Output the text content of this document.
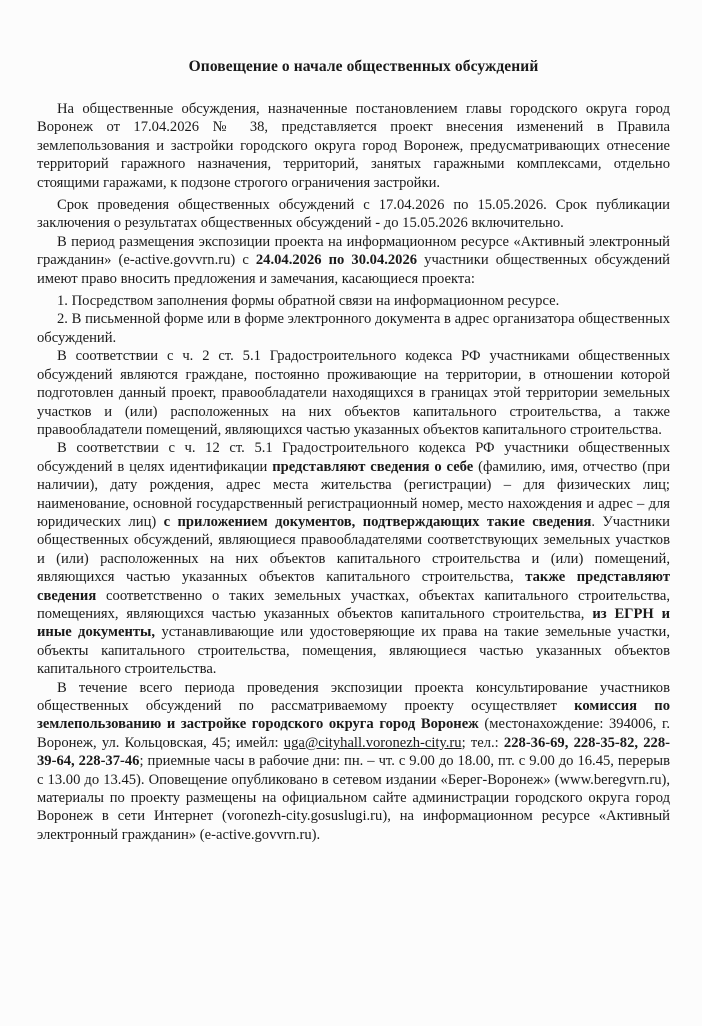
Оповещение о начале общественных обсуждений

На общественные обсуждения, назначенные постановлением главы городского округа город Воронеж от 17.04.2026 № 38, представляется проект внесения изменений в Правила землепользования и застройки городского округа город Воронеж, предусматривающих отнесение территорий гаражного назначения, территорий, занятых гаражными комплексами, отдельно стоящими гаражами, к подзоне строгого ограничения застройки.

Срок проведения общественных обсуждений с 17.04.2026 по 15.05.2026. Срок публикации заключения о результатах общественных обсуждений - до 15.05.2026 включительно.

В период размещения экспозиции проекта на информационном ресурсе «Активный электронный гражданин» (e-active.govvrn.ru) с 24.04.2026 по 30.04.2026 участники общественных обсуждений имеют право вносить предложения и замечания, касающиеся проекта:

1. Посредством заполнения формы обратной связи на информационном ресурсе.

2. В письменной форме или в форме электронного документа в адрес организатора общественных обсуждений.

В соответствии с ч. 2 ст. 5.1 Градостроительного кодекса РФ участниками общественных обсуждений являются граждане, постоянно проживающие на территории, в отношении которой подготовлен данный проект, правообладатели находящихся в границах этой территории земельных участков и (или) расположенных на них объектов капитального строительства, а также правообладатели помещений, являющихся частью указанных объектов капитального строительства.

В соответствии с ч. 12 ст. 5.1 Градостроительного кодекса РФ участники общественных обсуждений в целях идентификации представляют сведения о себе (фамилию, имя, отчество (при наличии), дату рождения, адрес места жительства (регистрации) – для физических лиц; наименование, основной государственный регистрационный номер, место нахождения и адрес – для юридических лиц) с приложением документов, подтверждающих такие сведения. Участники общественных обсуждений, являющиеся правообладателями соответствующих земельных участков и (или) расположенных на них объектов капитального строительства и (или) помещений, являющихся частью указанных объектов капитального строительства, также представляют сведения соответственно о таких земельных участках, объектах капитального строительства, помещениях, являющихся частью указанных объектов капитального строительства, из ЕГРН и иные документы, устанавливающие или удостоверяющие их права на такие земельные участки, объекты капитального строительства, помещения, являющиеся частью указанных объектов капитального строительства.

В течение всего периода проведения экспозиции проекта консультирование участников общественных обсуждений по рассматриваемому проекту осуществляет комиссия по землепользованию и застройке городского округа город Воронеж (местонахождение: 394006, г. Воронеж, ул. Кольцовская, 45; имейл: uga@cityhall.voronezh-city.ru; тел.: 228-36-69, 228-35-82, 228-39-64, 228-37-46; приемные часы в рабочие дни: пн. – чт. с 9.00 до 18.00, пт. с 9.00 до 16.45, перерыв с 13.00 до 13.45). Оповещение опубликовано в сетевом издании «Берег-Воронеж» (www.beregvrn.ru), материалы по проекту размещены на официальном сайте администрации городского округа город Воронеж в сети Интернет (voronezh-city.gosuslugi.ru), на информационном ресурсе «Активный электронный гражданин» (e-active.govvrn.ru).
